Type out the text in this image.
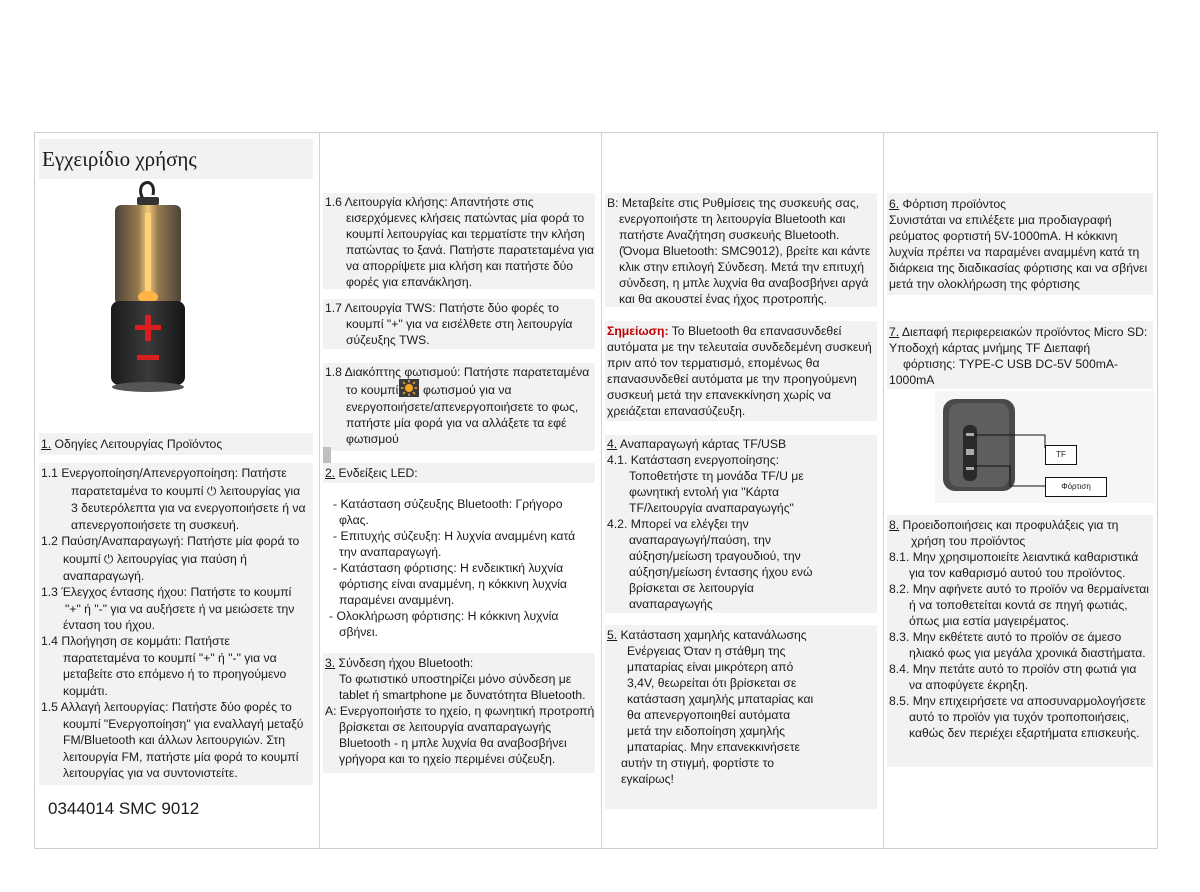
Εγχειρίδιο χρήσης
1. Οδηγίες Λειτουργίας Προϊόντος
1.1 Ενεργοποίηση/Απενεργοποίηση: Πατήστε
παρατεταμένα το κουμπί ⏻ λειτουργίας για
3 δευτερόλεπτα για να ενεργοποιήσετε ή να
απενεργοποιήσετε τη συσκευή.
1.2 Παύση/Αναπαραγωγή: Πατήστε μία φορά το
κουμπί ⏻ λειτουργίας για παύση ή
αναπαραγωγή.
1.3 Έλεγχος έντασης ήχου: Πατήστε το κουμπί
"+" ή "-" για να αυξήσετε ή να μειώσετε την
ένταση του ήχου.
1.4 Πλοήγηση σε κομμάτι: Πατήστε
παρατεταμένα το κουμπί "+" ή "-" για να
μεταβείτε στο επόμενο ή το προηγούμενο
κομμάτι.
1.5 Αλλαγή λειτουργίας: Πατήστε δύο φορές το
κουμπί "Ενεργοποίηση" για εναλλαγή μεταξύ
FM/Bluetooth και άλλων λειτουργιών. Στη
λειτουργία FM, πατήστε μία φορά το κουμπί
λειτουργίας για να συντονιστείτε.
0344014 SMC 9012
1.6 Λειτουργία κλήσης: Απαντήστε στις
εισερχόμενες κλήσεις πατώντας μία φορά το
κουμπί λειτουργίας και τερματίστε την κλήση
πατώντας το ξανά. Πατήστε παρατεταμένα για
να απορρίψετε μια κλήση και πατήστε δύο
φορές για επανάκληση.
1.7 Λειτουργία TWS: Πατήστε δύο φορές το
κουμπί "+" για να εισέλθετε στη λειτουργία
σύζευξης TWS.
1.8 Διακόπτης φωτισμού: Πατήστε παρατεταμένα
το κουμπί φωτισμού για να
ενεργοποιήσετε/απενεργοποιήσετε το φως,
πατήστε μία φορά για να αλλάξετε τα εφέ
φωτισμού
2. Ενδείξεις LED:
- Κατάσταση σύζευξης Bluetooth: Γρήγορο
φλας.
- Επιτυχής σύζευξη: Η λυχνία αναμμένη κατά
την αναπαραγωγή.
- Κατάσταση φόρτισης: Η ενδεικτική λυχνία
φόρτισης είναι αναμμένη, η κόκκινη λυχνία
παραμένει αναμμένη.
- Ολοκλήρωση φόρτισης: Η κόκκινη λυχνία
σβήνει.
3. Σύνδεση ήχου Bluetooth:
Το φωτιστικό υποστηρίζει μόνο σύνδεση με
tablet ή smartphone με δυνατότητα Bluetooth.
A: Ενεργοποιήστε το ηχείο, η φωνητική προτροπή
βρίσκεται σε λειτουργία αναπαραγωγής
Bluetooth - η μπλε λυχνία θα αναβοσβήνει
γρήγορα και το ηχείο περιμένει σύζευξη.
B: Μεταβείτε στις Ρυθμίσεις της συσκευής σας,
ενεργοποιήστε τη λειτουργία Bluetooth και
πατήστε Αναζήτηση συσκευής Bluetooth.
(Όνομα Bluetooth: SMC9012), βρείτε και κάντε
κλικ στην επιλογή Σύνδεση. Μετά την επιτυχή
σύνδεση, η μπλε λυχνία θα αναβοσβήνει αργά
και θα ακουστεί ένας ήχος προτροπής.
Σημείωση: Το Bluetooth θα επανασυνδεθεί
αυτόματα με την τελευταία συνδεδεμένη συσκευή
πριν από τον τερματισμό, επομένως θα
επανασυνδεθεί αυτόματα με την προηγούμενη
συσκευή μετά την επανεκκίνηση χωρίς να
χρειάζεται επανασύζευξη.
4. Αναπαραγωγή κάρτας TF/USB
4.1. Κατάσταση ενεργοποίησης:
Τοποθετήστε τη μονάδα TF/U με
φωνητική εντολή για "Κάρτα
TF/λειτουργία αναπαραγωγής"
4.2. Μπορεί να ελέγξει την
αναπαραγωγή/παύση, την
αύξηση/μείωση τραγουδιού, την
αύξηση/μείωση έντασης ήχου ενώ
βρίσκεται σε λειτουργία
αναπαραγωγής
5. Κατάσταση χαμηλής κατανάλωσης
Ενέργειας Όταν η στάθμη της
μπαταρίας είναι μικρότερη από
3,4V, θεωρείται ότι βρίσκεται σε
κατάσταση χαμηλής μπαταρίας και
θα απενεργοποιηθεί αυτόματα
μετά την ειδοποίηση χαμηλής
μπαταρίας. Μην επανεκκινήσετε
αυτήν τη στιγμή, φορτίστε το
εγκαίρως!
6. Φόρτιση προϊόντος
Συνιστάται να επιλέξετε μια προδιαγραφή
ρεύματος φορτιστή 5V-1000mA. Η κόκκινη
λυχνία πρέπει να παραμένει αναμμένη κατά τη
διάρκεια της διαδικασίας φόρτισης και να σβήνει
μετά την ολοκλήρωση της φόρτισης
7. Διεπαφή περιφερειακών προϊόντος Micro SD:
Υποδοχή κάρτας μνήμης TF Διεπαφή
φόρτισης: TYPE-C USB DC-5V 500mA-
1000mA
TF
Φόρτιση
8. Προειδοποιήσεις και προφυλάξεις για τη
χρήση του προϊόντος
8.1. Μην χρησιμοποιείτε λειαντικά καθαριστικά
για τον καθαρισμό αυτού του προϊόντος.
8.2. Μην αφήνετε αυτό το προϊόν να θερμαίνεται
ή να τοποθετείται κοντά σε πηγή φωτιάς,
όπως μια εστία μαγειρέματος.
8.3. Μην εκθέτετε αυτό το προϊόν σε άμεσο
ηλιακό φως για μεγάλα χρονικά διαστήματα.
8.4. Μην πετάτε αυτό το προϊόν στη φωτιά για
να αποφύγετε έκρηξη.
8.5. Μην επιχειρήσετε να αποσυναρμολογήσετε
αυτό το προϊόν για τυχόν τροποποιήσεις,
καθώς δεν περιέχει εξαρτήματα επισκευής.
